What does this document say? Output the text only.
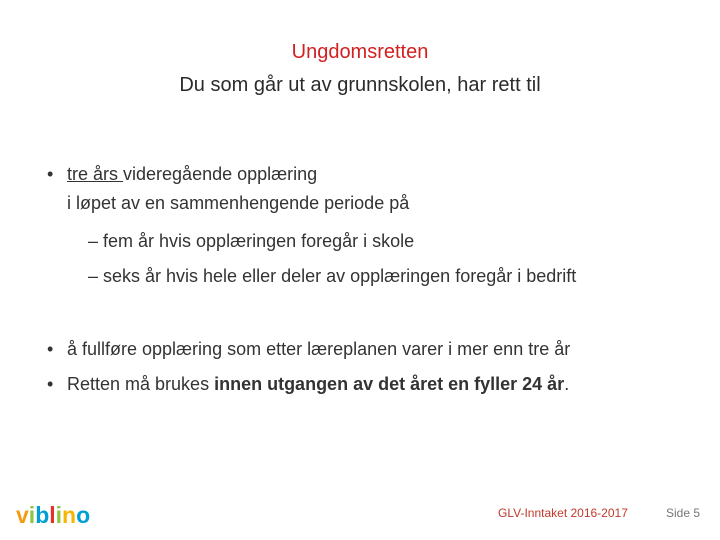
Ungdomsretten
Du som går ut av grunnskolen, har rett til
• tre års videregående opplæring
i løpet av en sammenhengende periode på
– fem år hvis opplæringen foregår i skole
– seks år hvis hele eller deler av opplæringen foregår i bedrift
• å fullføre opplæring som etter læreplanen varer i mer enn tre år
• Retten må brukes innen utgangen av det året en fyller 24 år.
viblino	GLV-Inntaket 2016-2017	Side 5
